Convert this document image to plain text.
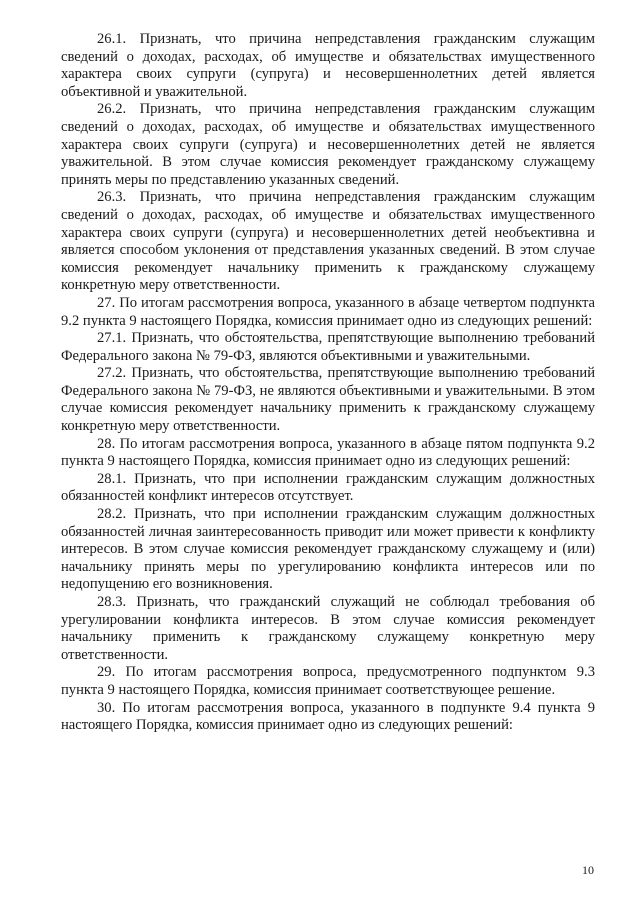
26.1. Признать, что причина непредставления гражданским служащим сведений о доходах, расходах, об имуществе и обязательствах имущественного характера своих супруги (супруга) и несовершеннолетних детей является объективной и уважительной.

26.2. Признать, что причина непредставления гражданским служащим сведений о доходах, расходах, об имуществе и обязательствах имущественного характера своих супруги (супруга) и несовершеннолетних детей не является уважительной. В этом случае комиссия рекомендует гражданскому служащему принять меры по представлению указанных сведений.

26.3. Признать, что причина непредставления гражданским служащим сведений о доходах, расходах, об имуществе и обязательствах имущественного характера своих супруги (супруга) и несовершеннолетних детей необъективна и является способом уклонения от представления указанных сведений. В этом случае комиссия рекомендует начальнику применить к гражданскому служащему конкретную меру ответственности.

27. По итогам рассмотрения вопроса, указанного в абзаце четвертом подпункта 9.2 пункта 9 настоящего Порядка, комиссия принимает одно из следующих решений:

27.1. Признать, что обстоятельства, препятствующие выполнению требований Федерального закона № 79-ФЗ, являются объективными и уважительными.

27.2. Признать, что обстоятельства, препятствующие выполнению требований Федерального закона № 79-ФЗ, не являются объективными и уважительными. В этом случае комиссия рекомендует начальнику применить к гражданскому служащему конкретную меру ответственности.

28. По итогам рассмотрения вопроса, указанного в абзаце пятом подпункта 9.2 пункта 9 настоящего Порядка, комиссия принимает одно из следующих решений:

28.1. Признать, что при исполнении гражданским служащим должностных обязанностей конфликт интересов отсутствует.

28.2. Признать, что при исполнении гражданским служащим должностных обязанностей личная заинтересованность приводит или может привести к конфликту интересов. В этом случае комиссия рекомендует гражданскому служащему и (или) начальнику принять меры по урегулированию конфликта интересов или по недопущению его возникновения.

28.3. Признать, что гражданский служащий не соблюдал требования об урегулировании конфликта интересов. В этом случае комиссия рекомендует начальнику применить к гражданскому служащему конкретную меру ответственности.

29. По итогам рассмотрения вопроса, предусмотренного подпунктом 9.3 пункта 9 настоящего Порядка, комиссия принимает соответствующее решение.

30. По итогам рассмотрения вопроса, указанного в подпункте 9.4 пункта 9 настоящего Порядка, комиссия принимает одно из следующих решений:

10
